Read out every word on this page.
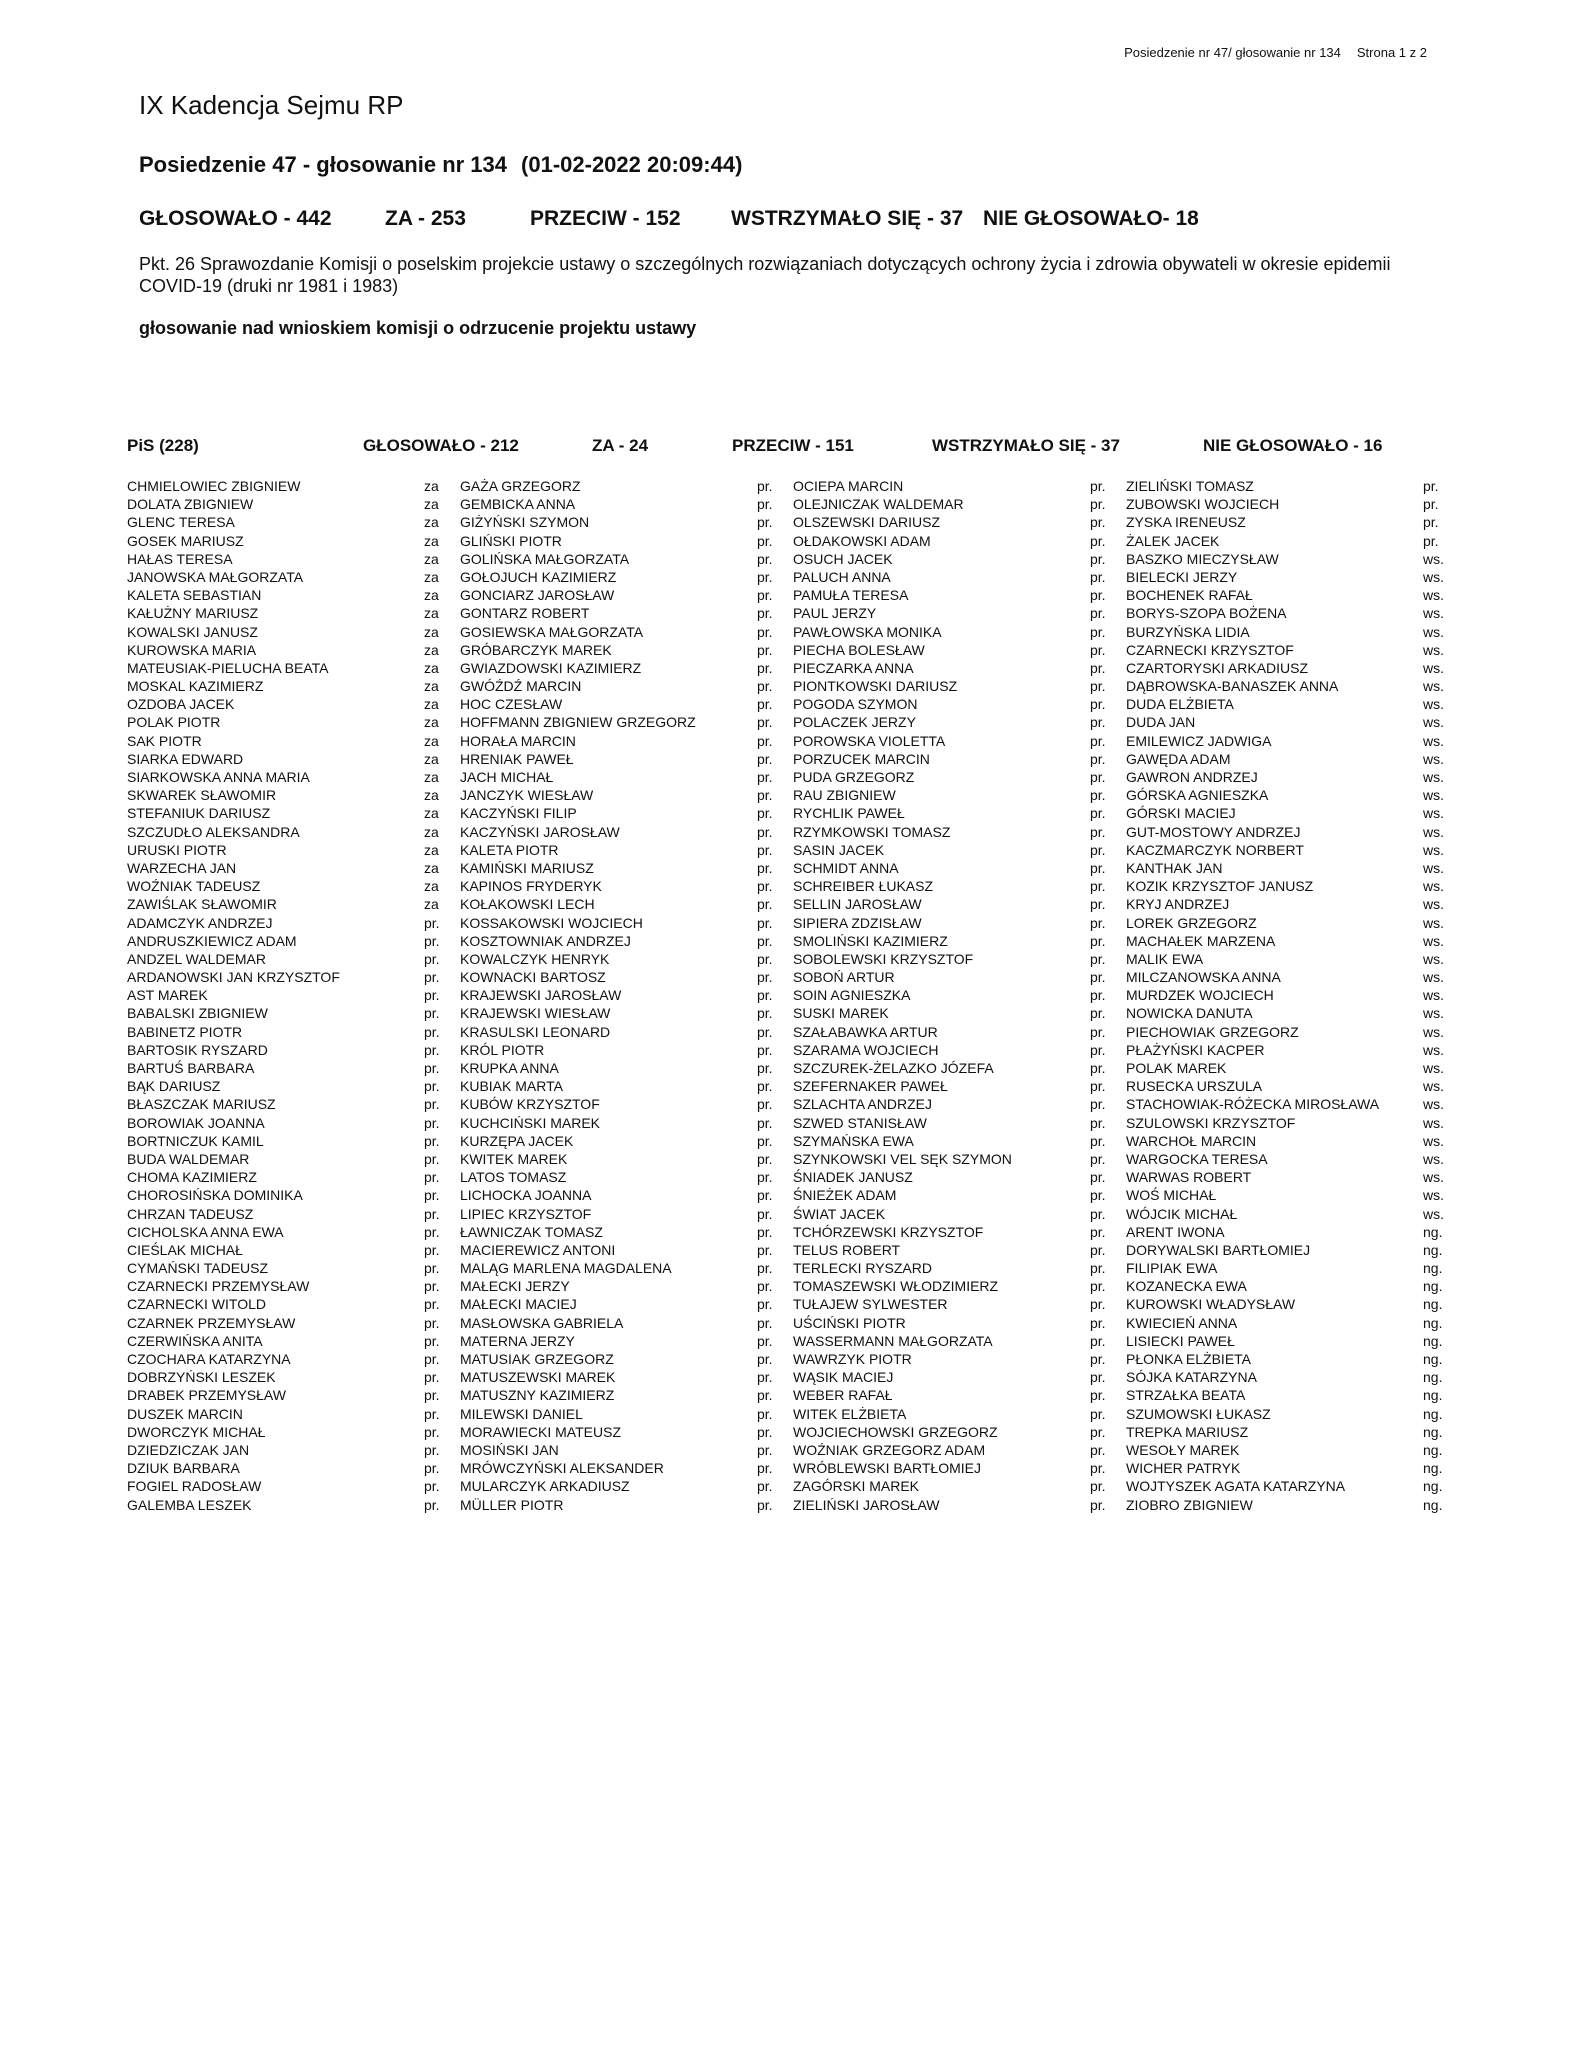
Posiedzenie nr 47/ głosowanie nr 134 Strona 1 z 2
IX Kadencja Sejmu RP
Posiedzenie 47 - głosowanie nr 134 (01-02-2022 20:09:44)
GŁOSOWAŁO - 442	ZA - 253	PRZECIW - 152 WSTRZYMAŁO SIĘ - 37 NIE GŁOSOWAŁO- 18
Pkt. 26 Sprawozdanie Komisji o poselskim projekcie ustawy o szczególnych rozwiązaniach dotyczących ochrony życia i zdrowia obywateli w okresie epidemii COVID-19 (druki nr 1981 i 1983)
głosowanie nad wnioskiem komisji o odrzucenie projektu ustawy
PiS (228)	GŁOSOWAŁO - 212	ZA - 24	PRZECIW - 151	WSTRZYMAŁO SIĘ - 37	NIE GŁOSOWAŁO - 16
CHMIELOWIEC ZBIGNIEW	za
DOLATA ZBIGNIEW	za
GLENC TERESA	za
GOSEK MARIUSZ	za
HAŁAS TERESA	za
JANOWSKA MAŁGORZATA	za
KALETA SEBASTIAN	za
KAŁUŻNY MARIUSZ	za
KOWALSKI JANUSZ	za
KUROWSKA MARIA	za
MATEUSIAK-PIELUCHA BEATA	za
MOSKAL KAZIMIERZ	za
OZDOBA JACEK	za
POLAK PIOTR	za
SAK PIOTR	za
SIARKA EDWARD	za
SIARKOWSKA ANNA MARIA	za
SKWAREK SŁAWOMIR	za
STEFANIUK DARIUSZ	za
SZCZUDŁO ALEKSANDRA	za
URUSKI PIOTR	za
WARZECHA JAN	za
WOŹNIAK TADEUSZ	za
ZAWIŚLAK SŁAWOMIR	za
ADAMCZYK ANDRZEJ	pr.
ANDRUSZKIEWICZ ADAM	pr.
ANDZEL WALDEMAR	pr.
ARDANOWSKI JAN KRZYSZTOF	pr.
AST MAREK	pr.
BABALSKI ZBIGNIEW	pr.
BABINETZ PIOTR	pr.
BARTOSIK RYSZARD	pr.
BARTUŚ BARBARA	pr.
BĄK DARIUSZ	pr.
BŁASZCZAK MARIUSZ	pr.
BOROWIAK JOANNA	pr.
BORTNICZUK KAMIL	pr.
BUDA WALDEMAR	pr.
CHOMA KAZIMIERZ	pr.
CHOROSIŃSKA DOMINIKA	pr.
CHRZAN TADEUSZ	pr.
CICHOLSKA ANNA EWA	pr.
CIEŚLAK MICHAŁ	pr.
CYMAŃSKI TADEUSZ	pr.
CZARNECKI PRZEMYSŁAW	pr.
CZARNECKI WITOLD	pr.
CZARNEK PRZEMYSŁAW	pr.
CZERWIŃSKA ANITA	pr.
CZOCHARA KATARZYNA	pr.
DOBRZYŃSKI LESZEK	pr.
DRABEK PRZEMYSŁAW	pr.
DUSZEK MARCIN	pr.
DWORCZYK MICHAŁ	pr.
DZIEDZICZAK JAN	pr.
DZIUK BARBARA	pr.
FOGIEL RADOSŁAW	pr.
GALEMBA LESZEK	pr.
GAŻA GRZEGORZ	pr.
GEMBICKA ANNA	pr.
GIŻYŃSKI SZYMON	pr.
GLIŃSKI PIOTR	pr.
GOLIŃSKA MAŁGORZATA	pr.
GOŁOJUCH KAZIMIERZ	pr.
GONCIARZ JAROSŁAW	pr.
GONTARZ ROBERT	pr.
GOSIEWSKA MAŁGORZATA	pr.
GRÓBARCZYK MAREK	pr.
GWIAZDOWSKI KAZIMIERZ	pr.
GWÓŹDŹ MARCIN	pr.
HOC CZESŁAW	pr.
HOFFMANN ZBIGNIEW GRZEGORZ	pr.
HORAŁA MARCIN	pr.
HRENIAK PAWEŁ	pr.
JACH MICHAŁ	pr.
JANCZYK WIESŁAW	pr.
KACZYŃSKI FILIP	pr.
KACZYŃSKI JAROSŁAW	pr.
KALETA PIOTR	pr.
KAMIŃSKI MARIUSZ	pr.
KAPINOS FRYDERYK	pr.
KOŁAKOWSKI LECH	pr.
KOSSAKOWSKI WOJCIECH	pr.
KOSZTOWNIAK ANDRZEJ	pr.
KOWALCZYK HENRYK	pr.
KOWNACKI BARTOSZ	pr.
KRAJEWSKI JAROSŁAW	pr.
KRAJEWSKI WIESŁAW	pr.
KRASULSKI LEONARD	pr.
KRÓL PIOTR	pr.
KRUPKA ANNA	pr.
KUBIAK MARTA	pr.
KUBÓW KRZYSZTOF	pr.
KUCHCIŃSKI MAREK	pr.
KURZĘPA JACEK	pr.
KWITEK MAREK	pr.
LATOS TOMASZ	pr.
LICHOCKA JOANNA	pr.
LIPIEC KRZYSZTOF	pr.
ŁAWNICZAK TOMASZ	pr.
MACIEREWICZ ANTONI	pr.
MALĄG MARLENA MAGDALENA	pr.
MAŁECKI JERZY	pr.
MAŁECKI MACIEJ	pr.
MASŁOWSKA GABRIELA	pr.
MATERNA JERZY	pr.
MATUSIAK GRZEGORZ	pr.
MATUSZEWSKI MAREK	pr.
MATUSZNY KAZIMIERZ	pr.
MILEWSKI DANIEL	pr.
MORAWIECKI MATEUSZ	pr.
MOSIŃSKI JAN	pr.
MRÓWCZYŃSKI ALEKSANDER	pr.
MULARCZYK ARKADIUSZ	pr.
MÜLLER PIOTR	pr.
OCIEPA MARCIN	pr.
OLEJNICZAK WALDEMAR	pr.
OLSZEWSKI DARIUSZ	pr.
OŁDAKOWSKI ADAM	pr.
OSUCH JACEK	pr.
PALUCH ANNA	pr.
PAMUŁA TERESA	pr.
PAUL JERZY	pr.
PAWŁOWSKA MONIKA	pr.
PIECHA BOLESŁAW	pr.
PIECZARKA ANNA	pr.
PIONTKOWSKI DARIUSZ	pr.
POGODA SZYMON	pr.
POLACZEK JERZY	pr.
POROWSKA VIOLETTA	pr.
PORZUCEK MARCIN	pr.
PUDA GRZEGORZ	pr.
RAU ZBIGNIEW	pr.
RYCHLIK PAWEŁ	pr.
RZYMKOWSKI TOMASZ	pr.
SASIN JACEK	pr.
SCHMIDT ANNA	pr.
SCHREIBER ŁUKASZ	pr.
SELLIN JAROSŁAW	pr.
SIPIERA ZDZISŁAW	pr.
SMOLIŃSKI KAZIMIERZ	pr.
SOBOLEWSKI KRZYSZTOF	pr.
SOBOŃ ARTUR	pr.
SOIN AGNIESZKA	pr.
SUSKI MAREK	pr.
SZAŁABAWKA ARTUR	pr.
SZARAMA WOJCIECH	pr.
SZCZUREK-ŻELAZKO JÓZEFA	pr.
SZEFERNAKER PAWEŁ	pr.
SZLACHTA ANDRZEJ	pr.
SZWED STANISŁAW	pr.
SZYMAŃSKA EWA	pr.
SZYNKOWSKI VEL SĘK SZYMON	pr.
ŚNIADEK JANUSZ	pr.
ŚNIEŻEK ADAM	pr.
ŚWIAT JACEK	pr.
TCHÓRZEWSKI KRZYSZTOF	pr.
TELUS ROBERT	pr.
TERLECKI RYSZARD	pr.
TOMASZEWSKI WŁODZIMIERZ	pr.
TUŁAJEW SYLWESTER	pr.
UŚCIŃSKI PIOTR	pr.
WASSERMANN MAŁGORZATA	pr.
WAWRZYK PIOTR	pr.
WĄSIK MACIEJ	pr.
WEBER RAFAŁ	pr.
WITEK ELŻBIETA	pr.
WOJCIECHOWSKI GRZEGORZ	pr.
WOŹNIAK GRZEGORZ ADAM	pr.
WRÓBLEWSKI BARTŁOMIEJ	pr.
ZAGÓRSKI MAREK	pr.
ZIELIŃSKI JAROSŁAW	pr.
ZIELIŃSKI TOMASZ	pr.
ZUBOWSKI WOJCIECH	pr.
ZYSKA IRENEUSZ	pr.
ŻALEK JACEK	pr.
BASZKO MIECZYSŁAW	ws.
BIELECKI JERZY	ws.
BOCHENEK RAFAŁ	ws.
BORYS-SZOPA BOŻENA	ws.
BURZYŃSKA LIDIA	ws.
CZARNECKI KRZYSZTOF	ws.
CZARTORYSKI ARKADIUSZ	ws.
DĄBROWSKA-BANASZEK ANNA	ws.
DUDA ELŻBIETA	ws.
DUDA JAN	ws.
EMILEWICZ JADWIGA	ws.
GAWĘDA ADAM	ws.
GAWRON ANDRZEJ	ws.
GÓRSKA AGNIESZKA	ws.
GÓRSKI MACIEJ	ws.
GUT-MOSTOWY ANDRZEJ	ws.
KACZMARCZYK NORBERT	ws.
KANTHAK JAN	ws.
KOZIK KRZYSZTOF JANUSZ	ws.
KRYJ ANDRZEJ	ws.
LOREK GRZEGORZ	ws.
MACHAŁEK MARZENA	ws.
MALIK EWA	ws.
MILCZANOWSKA ANNA	ws.
MURDZEK WOJCIECH	ws.
NOWICKA DANUTA	ws.
PIECHOWIAK GRZEGORZ	ws.
PŁAŻYŃSKI KACPER	ws.
POLAK MAREK	ws.
RUSECKA URSZULA	ws.
STACHOWIAK-RÓŻECKA MIROSŁAWA	ws.
SZULOWSKI KRZYSZTOF	ws.
WARCHOŁ MARCIN	ws.
WARGOCKA TERESA	ws.
WARWAS ROBERT	ws.
WOŚ MICHAŁ	ws.
WÓJCIK MICHAŁ	ws.
ARENT IWONA	ng.
DORYWALSKI BARTŁOMIEJ	ng.
FILIPIAK EWA	ng.
KOZANECKA EWA	ng.
KUROWSKI WŁADYSŁAW	ng.
KWIECIEŃ ANNA	ng.
LISIECKI PAWEŁ	ng.
PŁONKA ELŻBIETA	ng.
SÓJKA KATARZYNA	ng.
STRZAŁKA BEATA	ng.
SZUMOWSKI ŁUKASZ	ng.
TREPKA MARIUSZ	ng.
WESOŁY MAREK	ng.
WICHER PATRYK	ng.
WOJTYSZEK AGATA KATARZYNA	ng.
ZIOBRO ZBIGNIEW	ng.
